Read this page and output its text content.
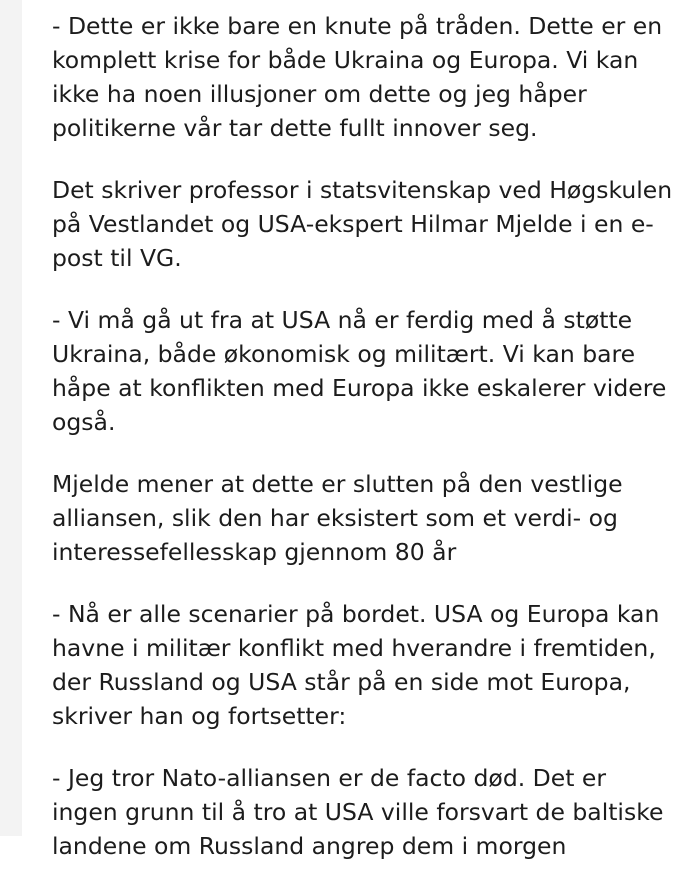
- Dette er ikke bare en knute på tråden. Dette er en
komplett krise for både Ukraina og Europa. Vi kan
ikke ha noen illusjoner om dette og jeg håper
politikerne vår tar dette fullt innover seg.

Det skriver professor i statsvitenskap ved Høgskulen
på Vestlandet og USA-ekspert Hilmar Mjelde i en e-
post til VG.

- Vi må gå ut fra at USA nå er ferdig med å støtte
Ukraina, både økonomisk og militært. Vi kan bare
håpe at konflikten med Europa ikke eskalerer videre
også.

Mjelde mener at dette er slutten på den vestlige
alliansen, slik den har eksistert som et verdi- og
interessefellesskap gjennom 80 år

- Nå er alle scenarier på bordet. USA og Europa kan
havne i militær konflikt med hverandre i fremtiden,
der Russland og USA står på en side mot Europa,
skriver han og fortsetter:

- Jeg tror Nato-alliansen er de facto død. Det er
ingen grunn til å tro at USA ville forsvart de baltiske
landene om Russland angrep dem i morgen
